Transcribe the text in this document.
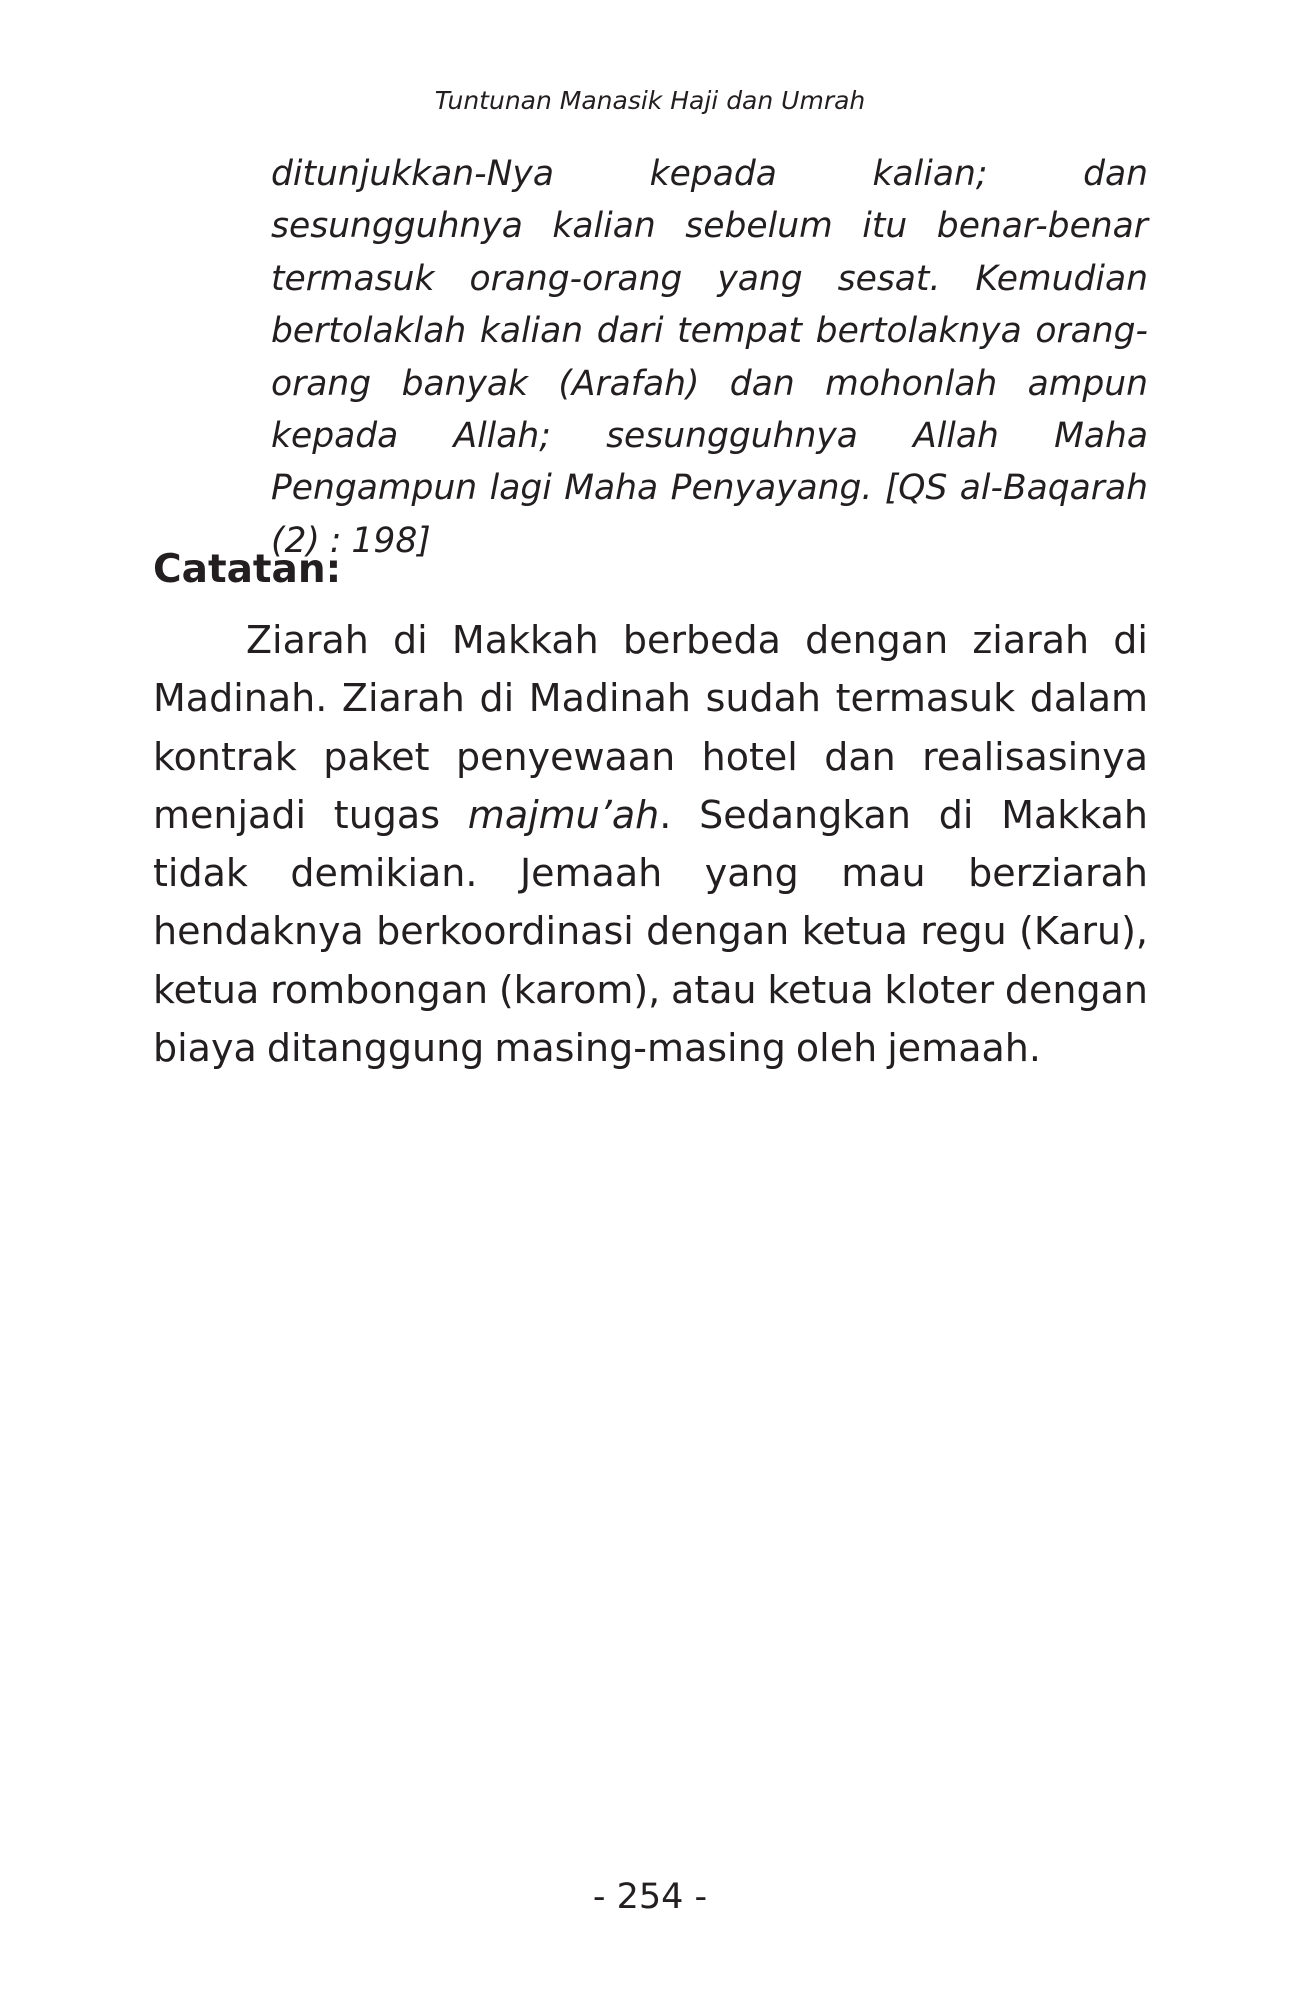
Tuntunan Manasik Haji dan Umrah

ditunjukkan-Nya kepada kalian; dan sesungguhnya kalian sebelum itu benar-benar termasuk orang-orang yang sesat. Kemudian bertolaklah kalian dari tempat bertolaknya orang-orang banyak (Arafah) dan mohonlah ampun kepada Allah; sesungguhnya Allah Maha Pengampun lagi Maha Penyayang. [QS al-Baqarah (2) : 198]

Catatan:

Ziarah di Makkah berbeda dengan ziarah di Madinah. Ziarah di Madinah sudah termasuk dalam kontrak paket penyewaan hotel dan realisasinya menjadi tugas majmu’ah. Sedangkan di Makkah tidak demikian. Jemaah yang mau berziarah hendaknya berkoordinasi dengan ketua regu (Karu), ketua rombongan (karom), atau ketua kloter dengan biaya ditanggung masing-masing oleh jemaah.

- 254 -
